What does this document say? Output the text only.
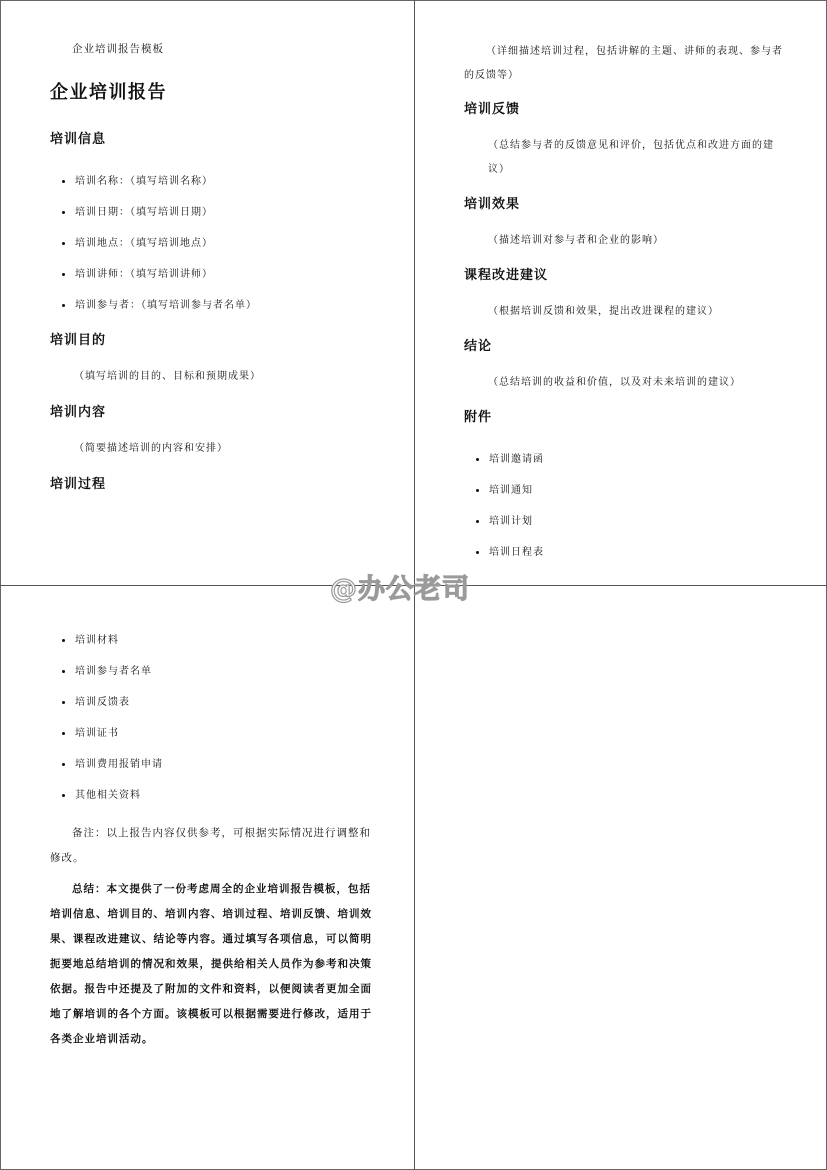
企业培训报告模板
企业培训报告
培训信息
培训名称：（填写培训名称）
培训日期：（填写培训日期）
培训地点：（填写培训地点）
培训讲师：（填写培训讲师）
培训参与者：（填写培训参与者名单）
培训目的
（填写培训的目的、目标和预期成果）
培训内容
（简要描述培训的内容和安排）
培训过程
（详细描述培训过程，包括讲解的主题、讲师的表现、参与者
的反馈等）
培训反馈
（总结参与者的反馈意见和评价，包括优点和改进方面的建议）
培训效果
（描述培训对参与者和企业的影响）
课程改进建议
（根据培训反馈和效果，提出改进课程的建议）
结论
（总结培训的收益和价值，以及对未来培训的建议）
附件
培训邀请函
培训通知
培训计划
培训日程表
培训材料
培训参与者名单
培训反馈表
培训证书
培训费用报销申请
其他相关资料
备注：以上报告内容仅供参考，可根据实际情况进行调整和修改。
总结：本文提供了一份考虑周全的企业培训报告模板，包括培训信息、培训目的、培训内容、培训过程、培训反馈、培训效果、课程改进建议、结论等内容。通过填写各项信息，可以简明扼要地总结培训的情况和效果，提供给相关人员作为参考和决策依据。报告中还提及了附加的文件和资料，以便阅读者更加全面地了解培训的各个方面。该模板可以根据需要进行修改，适用于各类企业培训活动。
@办公老司
